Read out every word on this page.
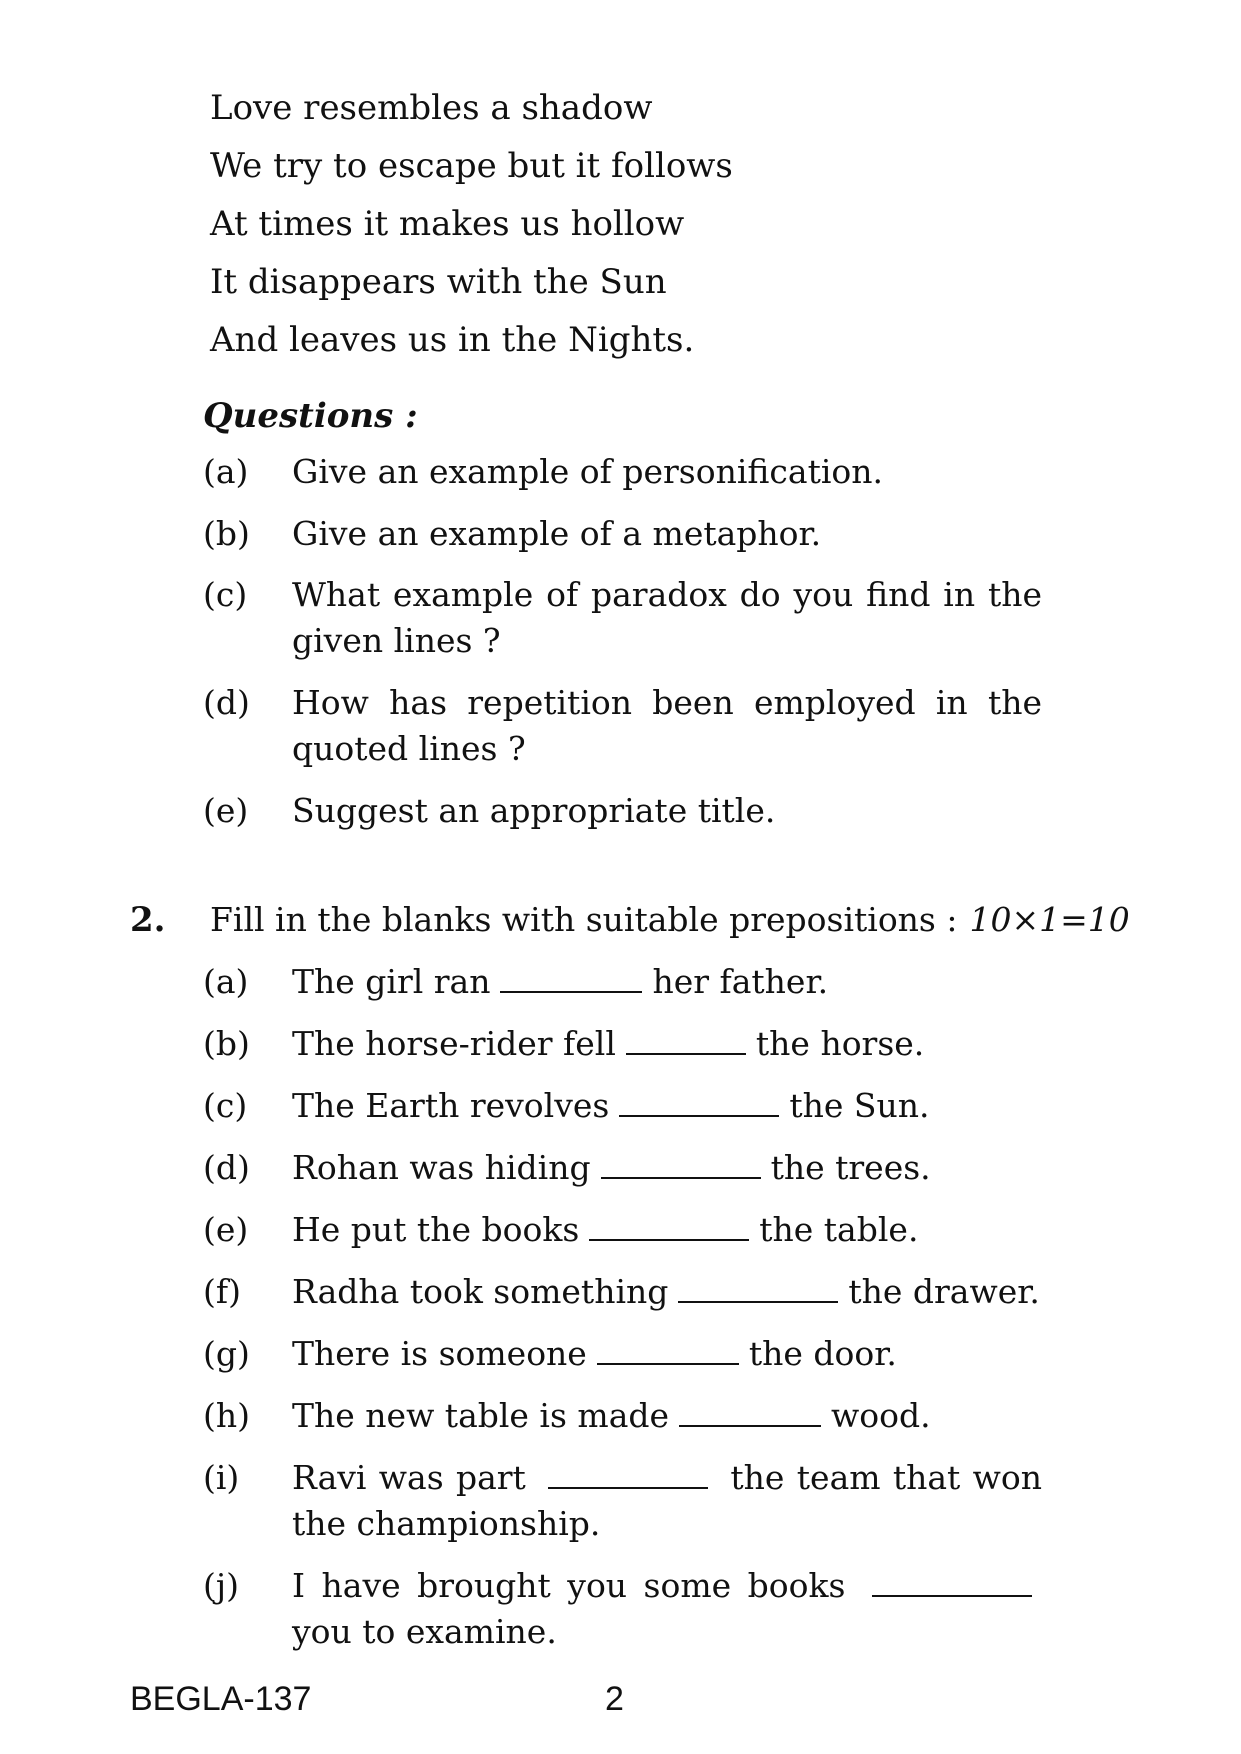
Love resembles a shadow
We try to escape but it follows
At times it makes us hollow
It disappears with the Sun
And leaves us in the Nights.
Questions :
(a) Give an example of personification.
(b) Give an example of a metaphor.
(c) What example of paradox do you find in the given lines ?
(d) How has repetition been employed in the quoted lines ?
(e) Suggest an appropriate title.
2. Fill in the blanks with suitable prepositions : 10×1=10
(a) The girl ran	her father.
(b) The horse-rider fell	the horse.
(c) The Earth revolves	the Sun.
(d) Rohan was hiding	the trees.
(e) He put the books	the table.
(f) Radha took something	the drawer.
(g) There is someone	the door.
(h) The new table is made	wood.
(i) Ravi was part	the team that won the championship.
(j) I have brought you some books  you to examine.
BEGLA-137	2
